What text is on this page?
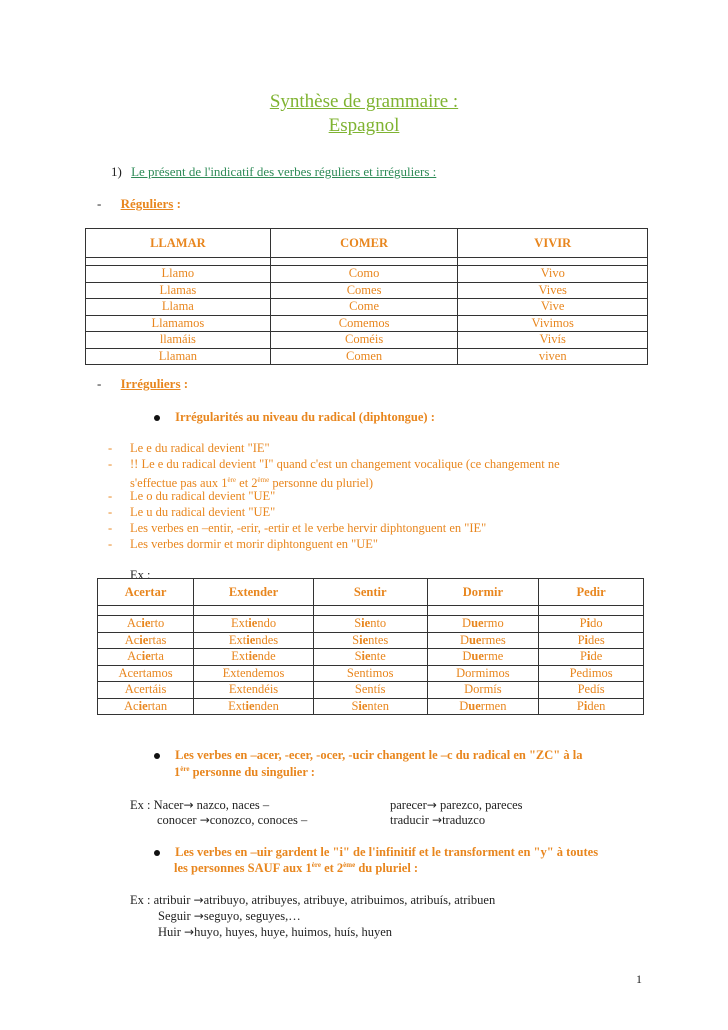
Synthèse de grammaire :
Espagnol
1) Le présent de l'indicatif des verbes réguliers et irréguliers :
- Réguliers :
LLAMAR	COMER	VIVIR

Llamo	Como	Vivo
Llamas	Comes	Vives
Llama	Come	Vive
Llamamos	Comemos	Vivimos
llamáis	Coméis	Vivís
Llaman	Comen	viven
- Irréguliers :
Irrégularités au niveau du radical (diphtongue) :
- Le e du radical devient "IE"
- !! Le e du radical devient "I" quand c'est un changement vocalique (ce changement ne
s'effectue pas aux 1ère et 2ème personne du pluriel)
- Le o du radical devient "UE"
- Le u du radical devient "UE"
- Les verbes en –entir, -erir, -ertir et le verbe hervir diphtonguent en "IE"
- Les verbes dormir et morir diphtonguent en "UE"
Ex :
Acertar	Extender	Sentir	Dormir	Pedir

Acierto	Extiendo	Siento	Duermo	Pido
Aciertas	Extiendes	Sientes	Duermes	Pides
Acierta	Extiende	Siente	Duerme	Pide
Acertamos	Extendemos	Sentimos	Dormimos	Pedimos
Acertáis	Extendéis	Sentís	Dormís	Pedís
Aciertan	Extienden	Sienten	Duermen	Piden
Les verbes en –acer, -ecer, -ocer, -ucir changent le –c du radical en "ZC" à la
1ère personne du singulier :
Ex : Nacer→ nazco, naces –	parecer→ parezco, pareces
conocer →conozco, conoces –	traducir →traduzco
Les verbes en –uir gardent le "i" de l'infinitif et le transforment en "y" à toutes
les personnes SAUF aux 1ère et 2ème du pluriel :
Ex : atribuir →atribuyo, atribuyes, atribuye, atribuimos, atribuís, atribuen
Seguir →seguyo, seguyes,…
Huir →huyo, huyes, huye, huimos, huís, huyen
1
